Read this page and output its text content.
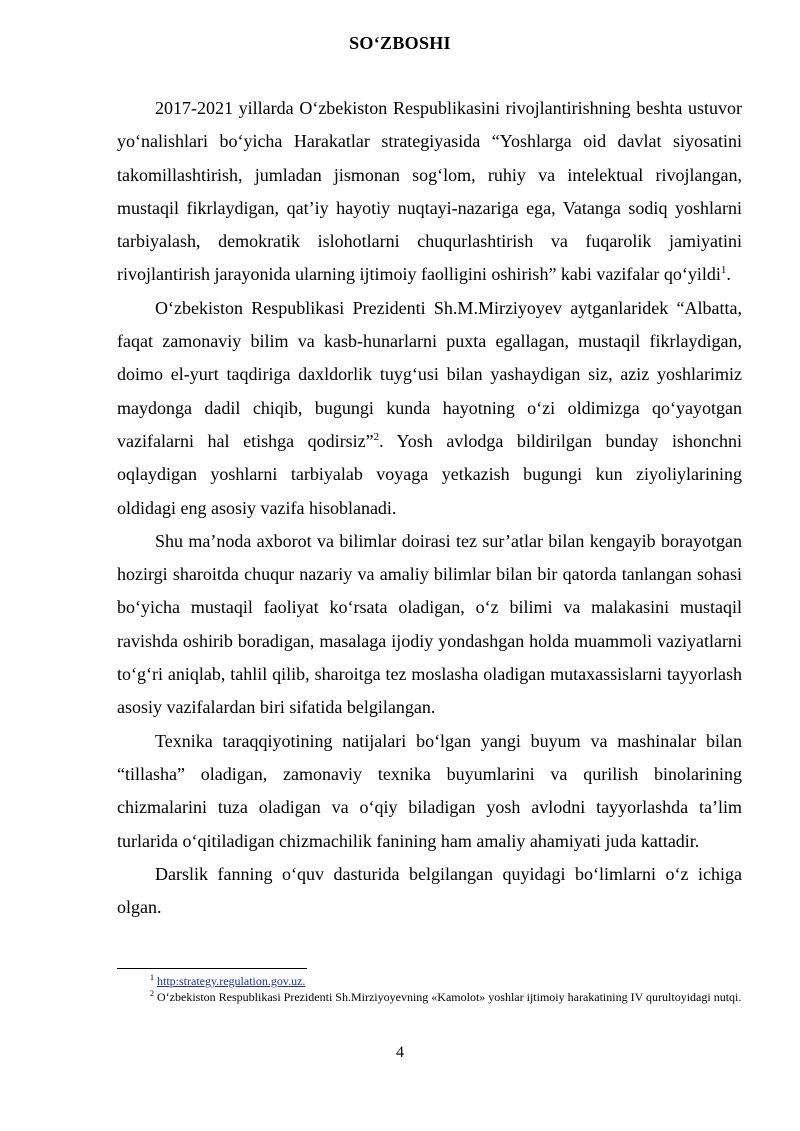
SO‘ZBOSHI

2017-2021 yillarda O‘zbekiston Respublikasini rivojlantirishning beshta ustuvor yo‘nalishlari bo‘yicha Harakatlar strategiyasida “Yoshlarga oid davlat siyosatini takomillashtirish, jumladan jismonan sog‘lom, ruhiy va intelektual rivojlangan, mustaqil fikrlaydigan, qat’iy hayotiy nuqtayi-nazariga ega, Vatanga sodiq yoshlarni tarbiyalash, demokratik islohotlarni chuqurlashtirish va fuqarolik jamiyatini rivojlantirish jarayonida ularning ijtimoiy faolligini oshirish” kabi vazifalar qo‘yildi$^1$.

O‘zbekiston Respublikasi Prezidenti Sh.M.Mirziyoyev aytganlaridek “Albatta, faqat zamonaviy bilim va kasb-hunarlarni puxta egallagan, mustaqil fikrlaydigan, doimo el-yurt taqdiriga daxldorlik tuyg‘usi bilan yashaydigan siz, aziz yoshlarimiz maydonga dadil chiqib, bugungi kunda hayotning o‘zi oldimizga qo‘yayotgan vazifalarni hal etishga qodirsiz”$^2$. Yosh avlodga bildirilgan bunday ishonchni oqlaydigan yoshlarni tarbiyalab voyaga yetkazish bugungi kun ziyoliylarining oldidagi eng asosiy vazifa hisoblanadi.

Shu ma’noda axborot va bilimlar doirasi tez sur’atlar bilan kengayib borayotgan hozirgi sharoitda chuqur nazariy va amaliy bilimlar bilan bir qatorda tanlangan sohasi bo‘yicha mustaqil faoliyat ko‘rsata oladigan, o‘z bilimi va malakasini mustaqil ravishda oshirib boradigan, masalaga ijodiy yondashgan holda muammoli vaziyatlarni to‘g‘ri aniqlab, tahlil qilib, sharoitga tez moslasha oladigan mutaxassislarni tayyorlash asosiy vazifalardan biri sifatida belgilangan.

Texnika taraqqiyotining natijalari bo‘lgan yangi buyum va mashinalar bilan “tillasha” oladigan, zamonaviy texnika buyumlarini va qurilish binolarining chizmalarini tuza oladigan va o‘qiy biladigan yosh avlodni tayyorlashda ta’lim turlarida o‘qitiladigan chizmachilik fanining ham amaliy ahamiyati juda kattadir.

Darslik fanning o‘quv dasturida belgilangan quyidagi bo‘limlarni o‘z ichiga olgan.

$^1$ http:strategy.regulation.gov.uz.

$^2$ O‘zbekiston Respublikasi Prezidenti Sh.Mirziyoyevning «Kamolot» yoshlar ijtimoiy harakatining IV qurultoyidagi nutqi.

4
